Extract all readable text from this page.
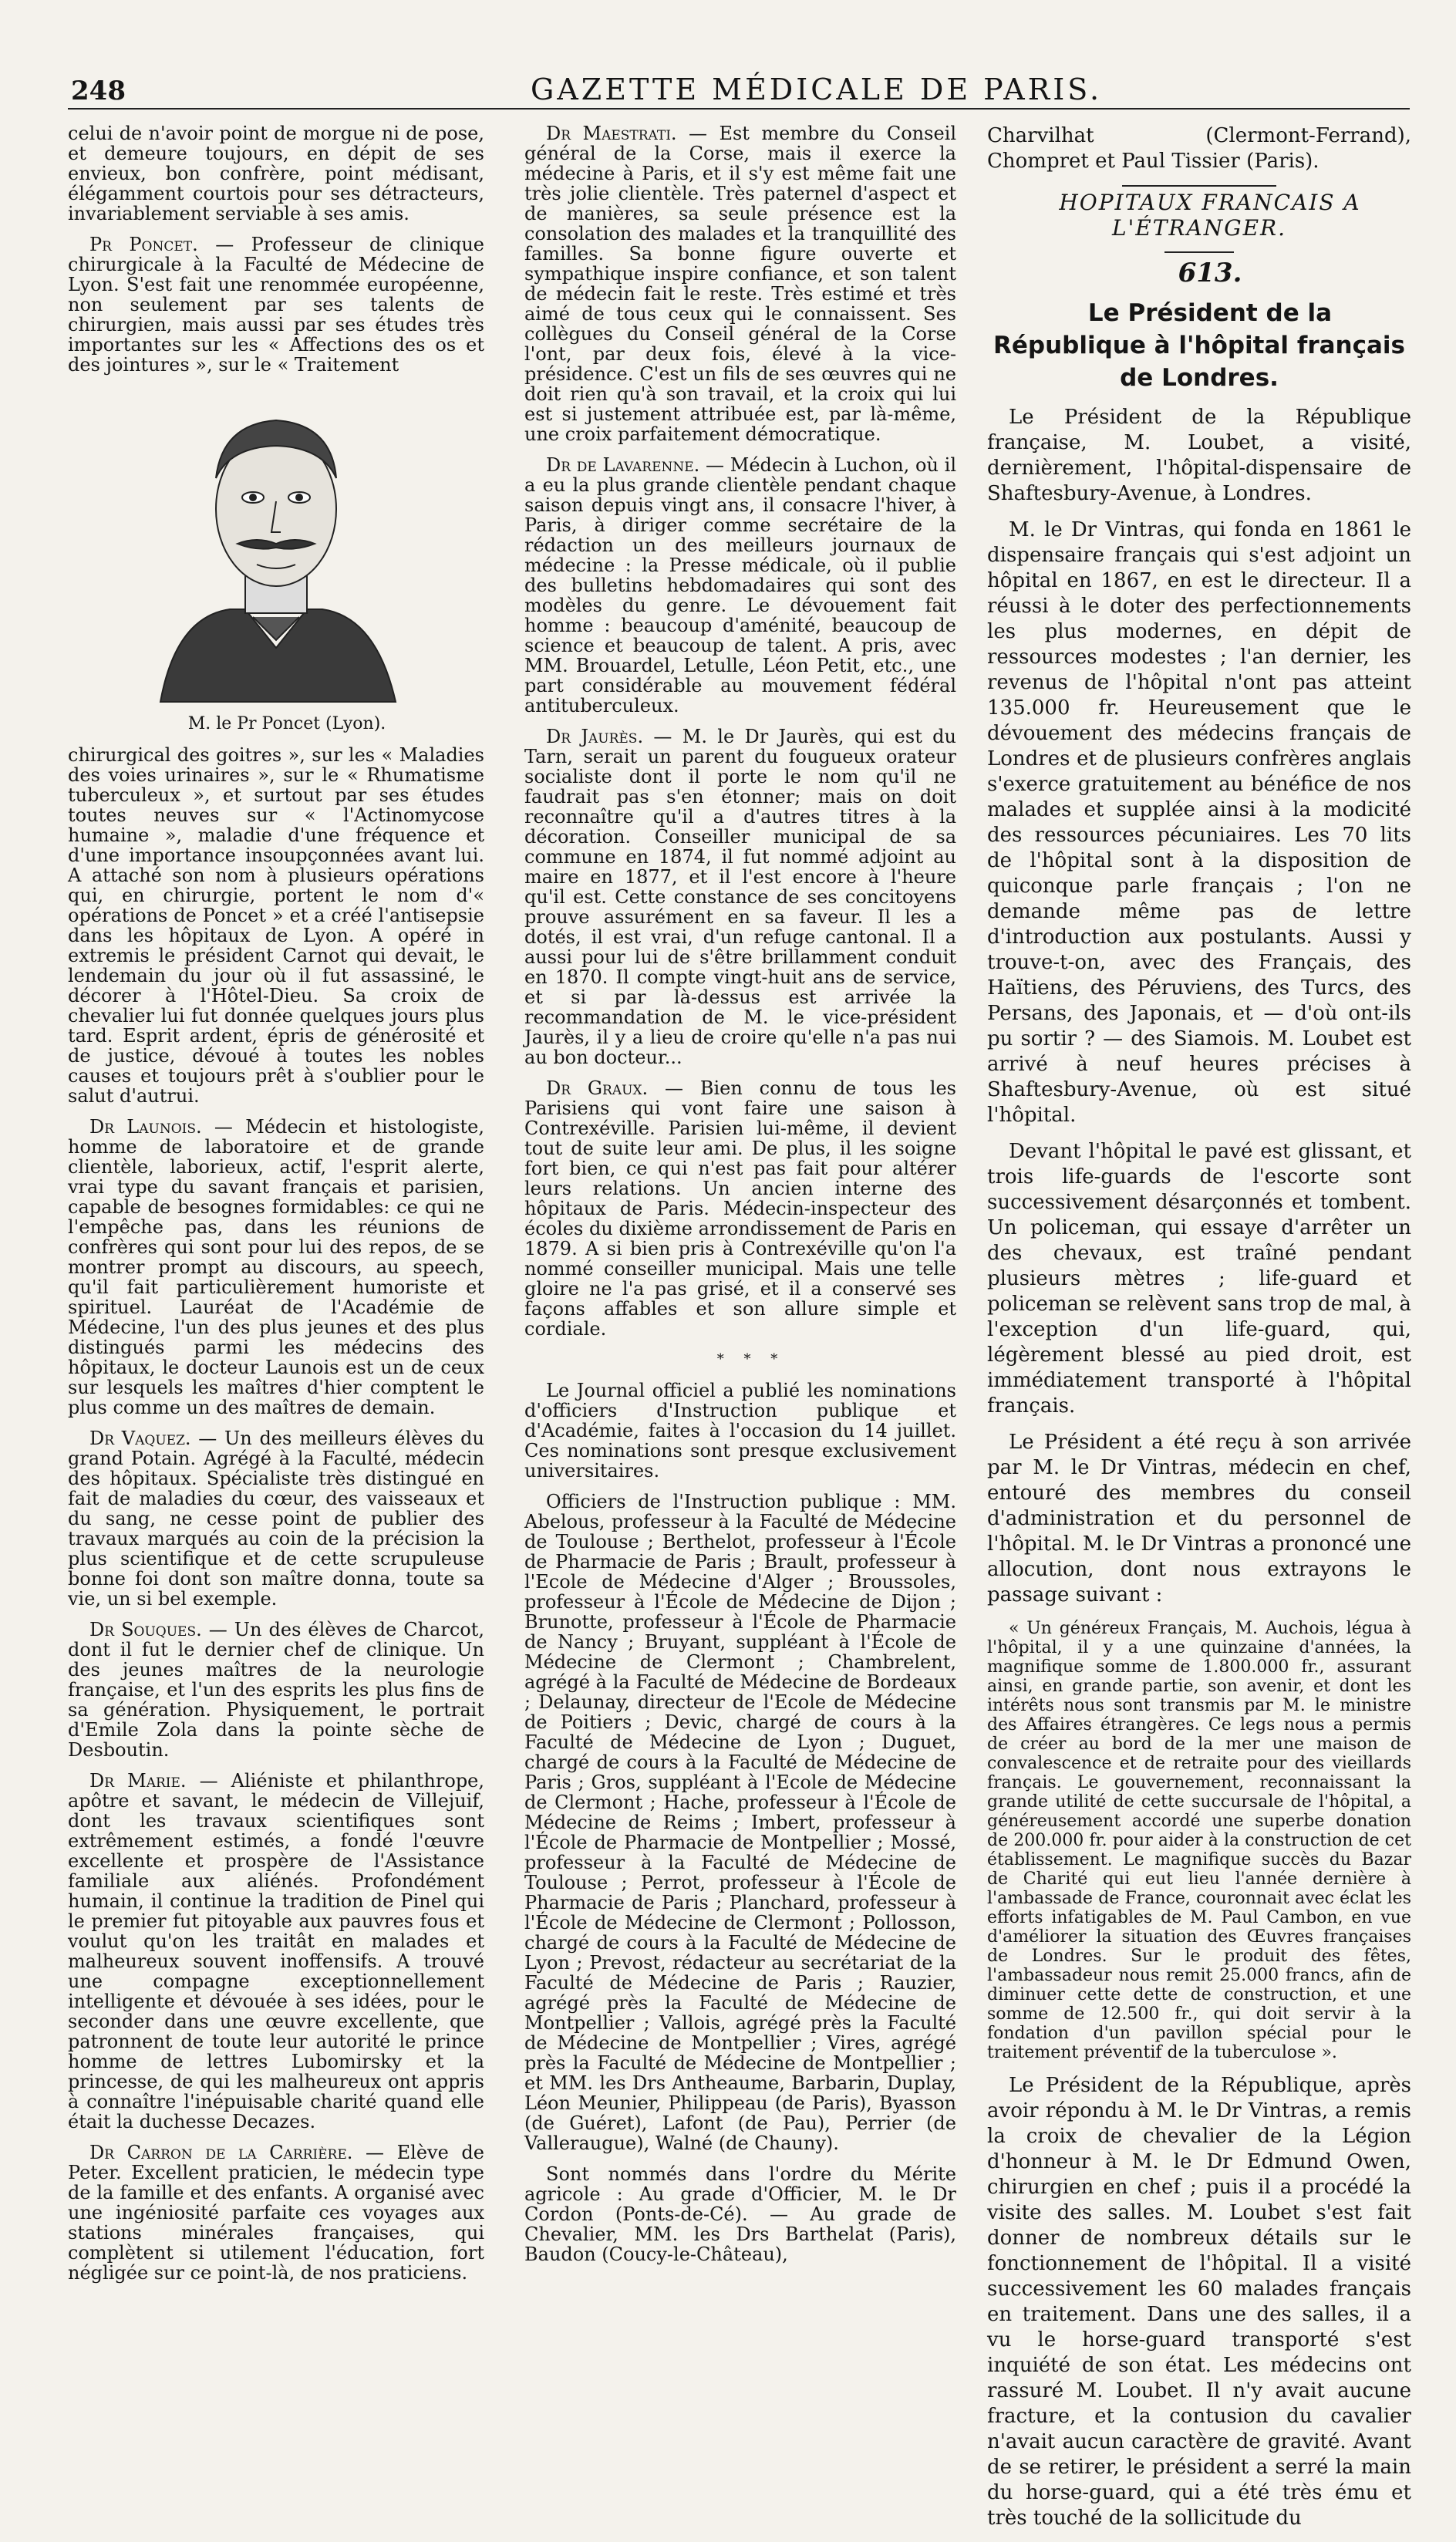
248	GAZETTE MÉDICALE DE PARIS.

celui de n'avoir point de morgue ni de pose, et demeure toujours, en dépit de ses envieux, bon confrère, point médisant, élégamment courtois pour ses détracteurs, invariablement serviable à ses amis.

Pr Poncet. — Professeur de clinique chirurgicale à la Faculté de Médecine de Lyon. S'est fait une renommée européenne, non seulement par ses talents de chirurgien, mais aussi par ses études très importantes sur les « Affections des os et des jointures », sur le « Traitement

M. le Pr Poncet (Lyon).

chirurgical des goitres », sur les « Maladies des voies urinaires », sur le « Rhumatisme tuberculeux », et surtout par ses études toutes neuves sur « l'Actinomycose humaine », maladie d'une fréquence et d'une importance insoupçonnées avant lui. A attaché son nom à plusieurs opérations qui, en chirurgie, portent le nom d'« opérations de Poncet » et a créé l'antisepsie dans les hôpitaux de Lyon. A opéré in extremis le président Carnot qui devait, le lendemain du jour où il fut assassiné, le décorer à l'Hôtel-Dieu. Sa croix de chevalier lui fut donnée quelques jours plus tard. Esprit ardent, épris de générosité et de justice, dévoué à toutes les nobles causes et toujours prêt à s'oublier pour le salut d'autrui.

Dr Launois. — Médecin et histologiste, homme de laboratoire et de grande clientèle, laborieux, actif, l'esprit alerte, vrai type du savant français et parisien, capable de besognes formidables: ce qui ne l'empêche pas, dans les réunions de confrères qui sont pour lui des repos, de se montrer prompt au discours, au speech, qu'il fait particulièrement humoriste et spirituel. Lauréat de l'Académie de Médecine, l'un des plus jeunes et des plus distingués parmi les médecins des hôpitaux, le docteur Launois est un de ceux sur lesquels les maîtres d'hier comptent le plus comme un des maîtres de demain.

Dr Vaquez. — Un des meilleurs élèves du grand Potain. Agrégé à la Faculté, médecin des hôpitaux. Spécialiste très distingué en fait de maladies du cœur, des vaisseaux et du sang, ne cesse point de publier des travaux marqués au coin de la précision la plus scientifique et de cette scrupuleuse bonne foi dont son maître donna, toute sa vie, un si bel exemple.

Dr Souques. — Un des élèves de Charcot, dont il fut le dernier chef de clinique. Un des jeunes maîtres de la neurologie française, et l'un des esprits les plus fins de sa génération. Physiquement, le portrait d'Emile Zola dans la pointe sèche de Desboutin.

Dr Marie. — Aliéniste et philanthrope, apôtre et savant, le médecin de Villejuif, dont les travaux scientifiques sont extrêmement estimés, a fondé l'œuvre excellente et prospère de l'Assistance familiale aux aliénés. Profondément humain, il continue la tradition de Pinel qui le premier fut pitoyable aux pauvres fous et voulut qu'on les traitât en malades et malheureux souvent inoffensifs. A trouvé une compagne exceptionnellement intelligente et dévouée à ses idées, pour le seconder dans une œuvre excellente, que patronnent de toute leur autorité le prince homme de lettres Lubomirsky et la princesse, de qui les malheureux ont appris à connaître l'inépuisable charité quand elle était la duchesse Decazes.

Dr Carron de la Carrière. — Elève de Peter. Excellent praticien, le médecin type de la famille et des enfants. A organisé avec une ingéniosité parfaite ces voyages aux stations minérales françaises, qui complètent si utilement l'éducation, fort négligée sur ce point-là, de nos praticiens.

Dr Maestrati. — Est membre du Conseil général de la Corse, mais il exerce la médecine à Paris, et il s'y est même fait une très jolie clientèle. Très paternel d'aspect et de manières, sa seule présence est la consolation des malades et la tranquillité des familles. Sa bonne figure ouverte et sympathique inspire confiance, et son talent de médecin fait le reste. Très estimé et très aimé de tous ceux qui le connaissent. Ses collègues du Conseil général de la Corse l'ont, par deux fois, élevé à la vice-présidence. C'est un fils de ses œuvres qui ne doit rien qu'à son travail, et la croix qui lui est si justement attribuée est, par là-même, une croix parfaitement démocratique.

Dr de Lavarenne. — Médecin à Luchon, où il a eu la plus grande clientèle pendant chaque saison depuis vingt ans, il consacre l'hiver, à Paris, à diriger comme secrétaire de la rédaction un des meilleurs journaux de médecine : la Presse médicale, où il publie des bulletins hebdomadaires qui sont des modèles du genre. Le dévouement fait homme : beaucoup d'aménité, beaucoup de science et beaucoup de talent. A pris, avec MM. Brouardel, Letulle, Léon Petit, etc., une part considérable au mouvement fédéral antituberculeux.

Dr Jaurès. — M. le Dr Jaurès, qui est du Tarn, serait un parent du fougueux orateur socialiste dont il porte le nom qu'il ne faudrait pas s'en étonner; mais on doit reconnaître qu'il a d'autres titres à la décoration. Conseiller municipal de sa commune en 1874, il fut nommé adjoint au maire en 1877, et il l'est encore à l'heure qu'il est. Cette constance de ses concitoyens prouve assurément en sa faveur. Il les a dotés, il est vrai, d'un refuge cantonal. Il a aussi pour lui de s'être brillamment conduit en 1870. Il compte vingt-huit ans de service, et si par là-dessus est arrivée la recommandation de M. le vice-président Jaurès, il y a lieu de croire qu'elle n'a pas nui au bon docteur...

Dr Graux. — Bien connu de tous les Parisiens qui vont faire une saison à Contrexéville. Parisien lui-même, il devient tout de suite leur ami. De plus, il les soigne fort bien, ce qui n'est pas fait pour altérer leurs relations. Un ancien interne des hôpitaux de Paris. Médecin-inspecteur des écoles du dixième arrondissement de Paris en 1879. A si bien pris à Contrexéville qu'on l'a nommé conseiller municipal. Mais une telle gloire ne l'a pas grisé, et il a conservé ses façons affables et son allure simple et cordiale.

* * *

Le Journal officiel a publié les nominations d'officiers d'Instruction publique et d'Académie, faites à l'occasion du 14 juillet. Ces nominations sont presque exclusivement universitaires.

Officiers de l'Instruction publique : MM. Abelous, professeur à la Faculté de Médecine de Toulouse ; Berthelot, professeur à l'École de Pharmacie de Paris ; Brault, professeur à l'Ecole de Médecine d'Alger ; Broussoles, professeur à l'École de Médecine de Dijon ; Brunotte, professeur à l'École de Pharmacie de Nancy ; Bruyant, suppléant à l'École de Médecine de Clermont ; Chambrelent, agrégé à la Faculté de Médecine de Bordeaux ; Delaunay, directeur de l'Ecole de Médecine de Poitiers ; Devic, chargé de cours à la Faculté de Médecine de Lyon ; Duguet, chargé de cours à la Faculté de Médecine de Paris ; Gros, suppléant à l'Ecole de Médecine de Clermont ; Hache, professeur à l'École de Médecine de Reims ; Imbert, professeur à l'École de Pharmacie de Montpellier ; Mossé, professeur à la Faculté de Médecine de Toulouse ; Perrot, professeur à l'École de Pharmacie de Paris ; Planchard, professeur à l'École de Médecine de Clermont ; Pollosson, chargé de cours à la Faculté de Médecine de Lyon ; Prevost, rédacteur au secrétariat de la Faculté de Médecine de Paris ; Rauzier, agrégé près la Faculté de Médecine de Montpellier ; Vallois, agrégé près la Faculté de Médecine de Montpellier ; Vires, agrégé près la Faculté de Médecine de Montpellier ; et MM. les Drs Antheaume, Barbarin, Duplay, Léon Meunier, Philippeau (de Paris), Byasson (de Guéret), Lafont (de Pau), Perrier (de Valleraugue), Walné (de Chauny).

Sont nommés dans l'ordre du Mérite agricole : Au grade d'Officier, M. le Dr Cordon (Ponts-de-Cé). — Au grade de Chevalier, MM. les Drs Barthelat (Paris), Baudon (Coucy-le-Château),

Charvilhat (Clermont-Ferrand), Chompret et Paul Tissier (Paris).

HOPITAUX FRANCAIS A L'ÉTRANGER.

613.

Le Président de la République à l'hôpital français de Londres.

Le Président de la République française, M. Loubet, a visité, dernièrement, l'hôpital-dispensaire de Shaftesbury-Avenue, à Londres.

M. le Dr Vintras, qui fonda en 1861 le dispensaire français qui s'est adjoint un hôpital en 1867, en est le directeur. Il a réussi à le doter des perfectionnements les plus modernes, en dépit de ressources modestes ; l'an dernier, les revenus de l'hôpital n'ont pas atteint 135.000 fr. Heureusement que le dévouement des médecins français de Londres et de plusieurs confrères anglais s'exerce gratuitement au bénéfice de nos malades et supplée ainsi à la modicité des ressources pécuniaires. Les 70 lits de l'hôpital sont à la disposition de quiconque parle français ; l'on ne demande même pas de lettre d'introduction aux postulants. Aussi y trouve-t-on, avec des Français, des Haïtiens, des Péruviens, des Turcs, des Persans, des Japonais, et — d'où ont-ils pu sortir ? — des Siamois. M. Loubet est arrivé à neuf heures précises à Shaftesbury-Avenue, où est situé l'hôpital.

Devant l'hôpital le pavé est glissant, et trois life-guards de l'escorte sont successivement désarçonnés et tombent. Un policeman, qui essaye d'arrêter un des chevaux, est traîné pendant plusieurs mètres ; life-guard et policeman se relèvent sans trop de mal, à l'exception d'un life-guard, qui, légèrement blessé au pied droit, est immédiatement transporté à l'hôpital français.

Le Président a été reçu à son arrivée par M. le Dr Vintras, médecin en chef, entouré des membres du conseil d'administration et du personnel de l'hôpital. M. le Dr Vintras a prononcé une allocution, dont nous extrayons le passage suivant :

« Un généreux Français, M. Auchois, légua à l'hôpital, il y a une quinzaine d'années, la magnifique somme de 1.800.000 fr., assurant ainsi, en grande partie, son avenir, et dont les intérêts nous sont transmis par M. le ministre des Affaires étrangères. Ce legs nous a permis de créer au bord de la mer une maison de convalescence et de retraite pour des vieillards français. Le gouvernement, reconnaissant la grande utilité de cette succursale de l'hôpital, a généreusement accordé une superbe donation de 200.000 fr. pour aider à la construction de cet établissement. Le magnifique succès du Bazar de Charité qui eut lieu l'année dernière à l'ambassade de France, couronnait avec éclat les efforts infatigables de M. Paul Cambon, en vue d'améliorer la situation des Œuvres françaises de Londres. Sur le produit des fêtes, l'ambassadeur nous remit 25.000 francs, afin de diminuer cette dette de construction, et une somme de 12.500 fr., qui doit servir à la fondation d'un pavillon spécial pour le traitement préventif de la tuberculose ».

Le Président de la République, après avoir répondu à M. le Dr Vintras, a remis la croix de chevalier de la Légion d'honneur à M. le Dr Edmund Owen, chirurgien en chef ; puis il a procédé la visite des salles. M. Loubet s'est fait donner de nombreux détails sur le fonctionnement de l'hôpital. Il a visité successivement les 60 malades français en traitement. Dans une des salles, il a vu le horse-guard transporté s'est inquiété de son état. Les médecins ont rassuré M. Loubet. Il n'y avait aucune fracture, et la contusion du cavalier n'avait aucun caractère de gravité. Avant de se retirer, le président a serré la main du horse-guard, qui a été très ému et très touché de la sollicitude du
